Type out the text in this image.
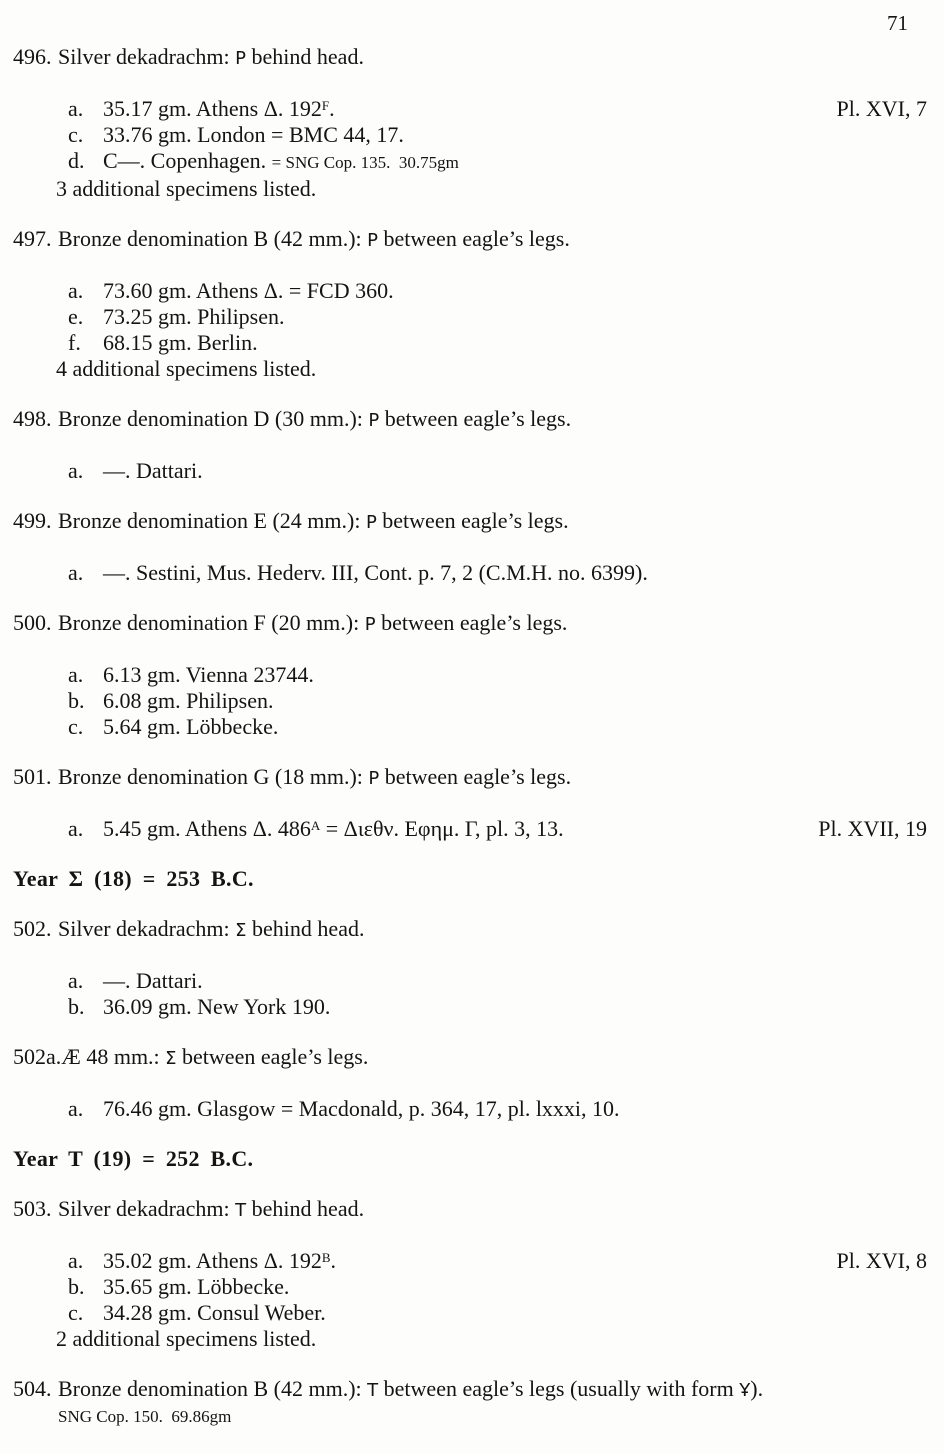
71
496. Silver dekadrachm: P behind head.
a. 35.17 gm. Athens Δ. $192^F$.	Pl. XVI, 7
c. 33.76 gm. London = BMC 44, 17.
d. C—. Copenhagen. = SNG Cop. 135.  30.75gm
3 additional specimens listed.
497. Bronze denomination B (42 mm.): P between eagle’s legs.
a. 73.60 gm. Athens Δ. = FCD 360.
e. 73.25 gm. Philipsen.
f.	68.15 gm. Berlin.
4 additional specimens listed.
498. Bronze denomination D (30 mm.): P between eagle’s legs.
a. —. Dattari.
499. Bronze denomination E (24 mm.): P between eagle’s legs.
a. —. Sestini, Mus. Hederv. III, Cont. p. 7, 2 (C.M.H. no. 6399).
500. Bronze denomination F (20 mm.): P between eagle’s legs.
a. 6.13 gm. Vienna 23744.
b. 6.08 gm. Philipsen.
c. 5.64 gm. Löbbecke.
501. Bronze denomination G (18 mm.): P between eagle’s legs.
a. 5.45 gm. Athens Δ. $486^A = \Delta\iota\varepsilon\theta\nu$. Εφημ. Γ, pl. 3, 13.	Pl. XVII, 19
Year Σ (18) = 253 B.C.
502. Silver dekadrachm: Σ behind head.
a. —. Dattari.
b. 36.09 gm. New York 190.
502a. Æ 48 mm.: Σ between eagle’s legs.
a. 76.46 gm. Glasgow = Macdonald, p. 364, 17, pl. lxxxi, 10.
Year T (19) = 252 B.C.
503. Silver dekadrachm: T behind head.
a. 35.02 gm. Athens Δ. $192^B$.	Pl. XVI, 8
b. 35.65 gm. Löbbecke.
c. 34.28 gm. Consul Weber.
2 additional specimens listed.
504. Bronze denomination B (42 mm.): T between eagle’s legs (usually with form Ұ).
SNG Cop. 150.  69.86gm
